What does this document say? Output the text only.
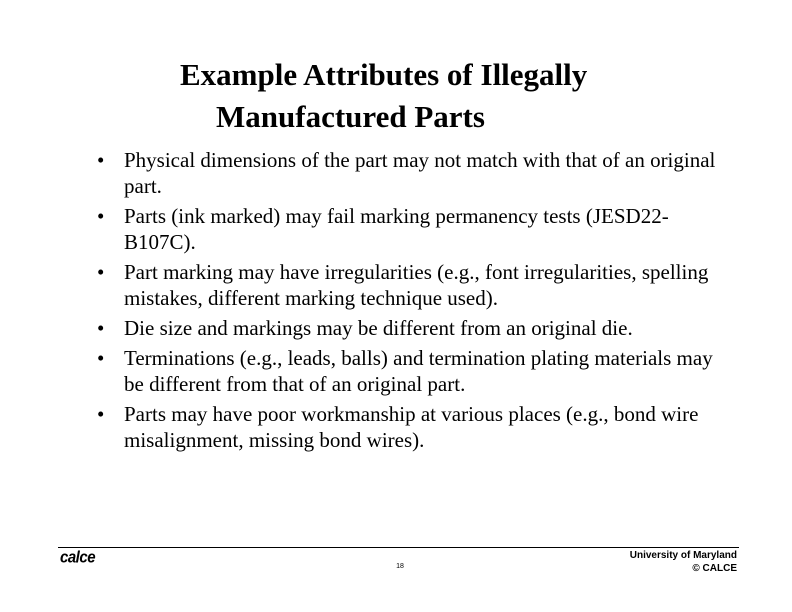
Example Attributes of Illegally
Manufactured Parts
• Physical dimensions of the part may not match with that of an original part.
• Parts (ink marked) may fail marking permanency tests (JESD22-B107C).
• Part marking may have irregularities (e.g., font irregularities, spelling mistakes, different marking technique used).
• Die size and markings may be different from an original die.
• Terminations (e.g., leads, balls) and termination plating materials may be different from that of an original part.
• Parts may have poor workmanship at various places (e.g., bond wire misalignment, missing bond wires).
calce	18
University of Maryland
© CALCE
